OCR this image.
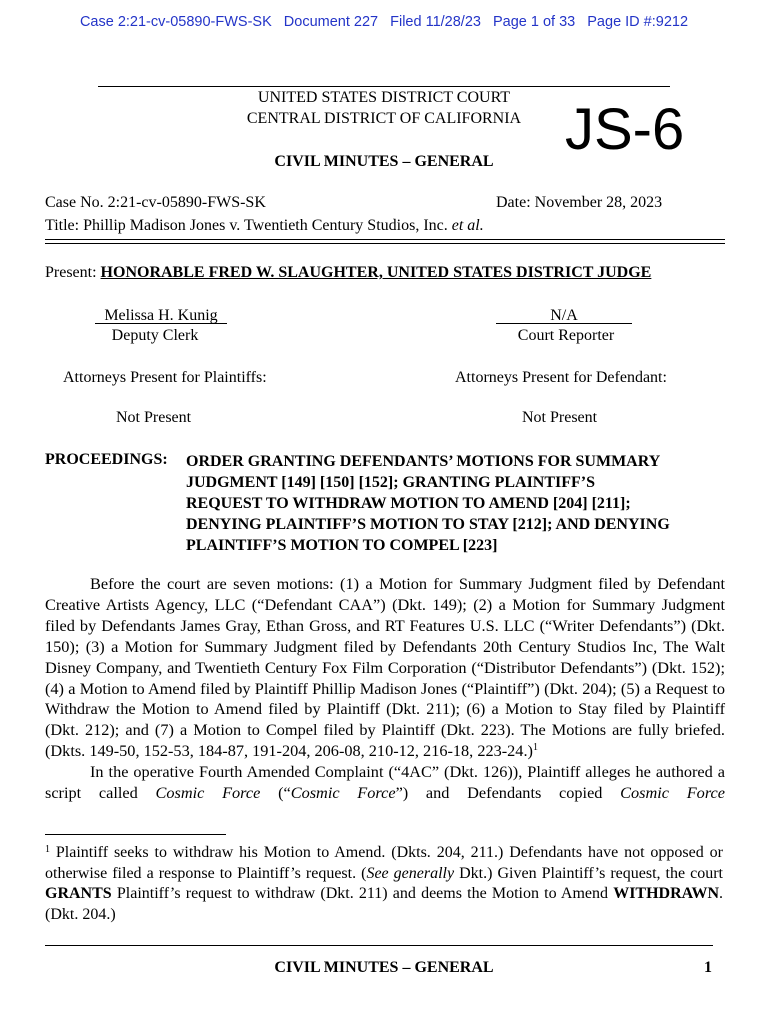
Case 2:21-cv-05890-FWS-SK Document 227 Filed 11/28/23 Page 1 of 33 Page ID #:9212
UNITED STATES DISTRICT COURT
CENTRAL DISTRICT OF CALIFORNIA JS-6
CIVIL MINUTES – GENERAL
Case No. 2:21-cv-05890-FWS-SK	Date: November 28, 2023
Title: Phillip Madison Jones v. Twentieth Century Studios, Inc. et al.
Present: HONORABLE FRED W. SLAUGHTER, UNITED STATES DISTRICT JUDGE
Melissa H. Kunig
Deputy Clerk
N/A
Court Reporter
Attorneys Present for Plaintiffs:	Attorneys Present for Defendant:
Not Present	Not Present
PROCEEDINGS: ORDER GRANTING DEFENDANTS’ MOTIONS FOR SUMMARY
JUDGMENT [149] [150] [152]; GRANTING PLAINTIFF’S
REQUEST TO WITHDRAW MOTION TO AMEND [204] [211];
DENYING PLAINTIFF’S MOTION TO STAY [212]; AND DENYING
PLAINTIFF’S MOTION TO COMPEL [223]

Before the court are seven motions: (1) a Motion for Summary Judgment filed by Defendant Creative Artists Agency, LLC (“Defendant CAA”) (Dkt. 149); (2) a Motion for Summary Judgment filed by Defendants James Gray, Ethan Gross, and RT Features U.S. LLC (“Writer Defendants”) (Dkt. 150); (3) a Motion for Summary Judgment filed by Defendants 20th Century Studios Inc, The Walt Disney Company, and Twentieth Century Fox Film Corporation (“Distributor Defendants”) (Dkt. 152); (4) a Motion to Amend filed by Plaintiff Phillip Madison Jones (“Plaintiff”) (Dkt. 204); (5) a Request to Withdraw the Motion to Amend filed by Plaintiff (Dkt. 211); (6) a Motion to Stay filed by Plaintiff (Dkt. 212); and (7) a Motion to Compel filed by Plaintiff (Dkt. 223). The Motions are fully briefed. (Dkts. 149-50, 152-53, 184-87, 191-204, 206-08, 210-12, 216-18, 223-24.)$^1$

In the operative Fourth Amended Complaint (“4AC” (Dkt. 126)), Plaintiff alleges he authored a script called Cosmic Force (“Cosmic Force”) and Defendants copied Cosmic Force

$^1$ Plaintiff seeks to withdraw his Motion to Amend. (Dkts. 204, 211.) Defendants have not opposed or otherwise filed a response to Plaintiff’s request. (See generally Dkt.) Given Plaintiff’s request, the court GRANTS Plaintiff’s request to withdraw (Dkt. 211) and deems the Motion to Amend WITHDRAWN. (Dkt. 204.)
CIVIL MINUTES – GENERAL	1
